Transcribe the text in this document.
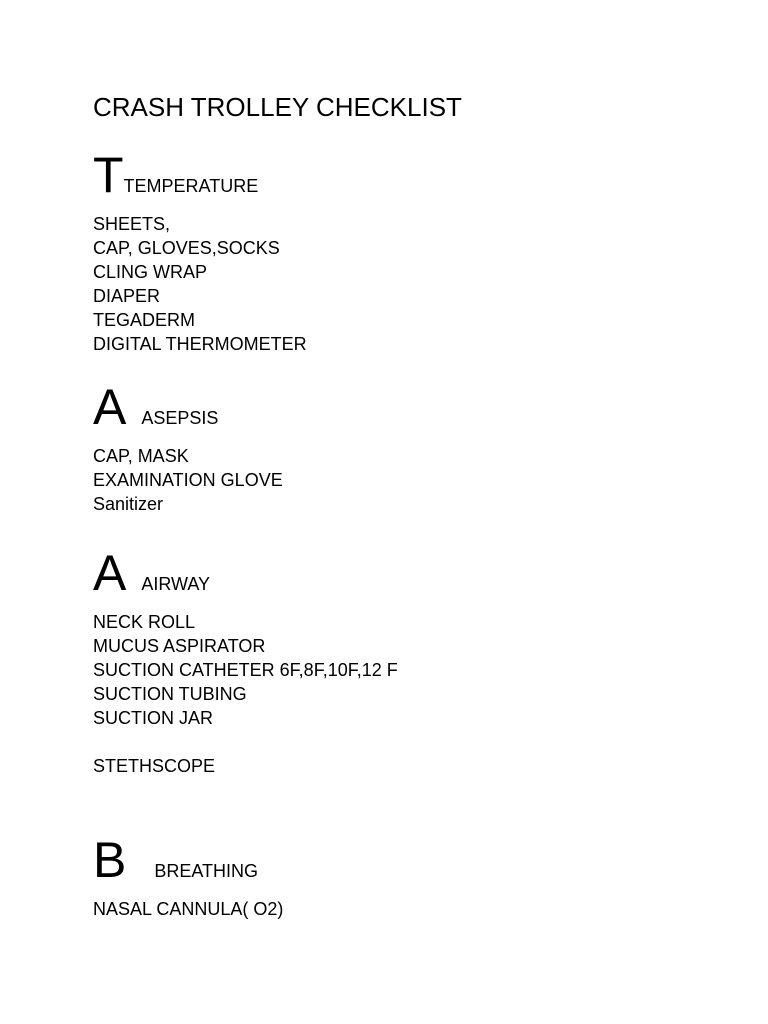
CRASH TROLLEY CHECKLIST
TTEMPERATURE
SHEETS,
CAP, GLOVES,SOCKS
CLING WRAP
DIAPER
TEGADERM
DIGITAL THERMOMETER
A ASEPSIS
CAP, MASK
EXAMINATION GLOVE
Sanitizer
A AIRWAY
NECK ROLL
MUCUS ASPIRATOR
SUCTION CATHETER 6F,8F,10F,12 F
SUCTION TUBING
SUCTION JAR
STETHSCOPE
B BREATHING
NASAL CANNULA( O2)
